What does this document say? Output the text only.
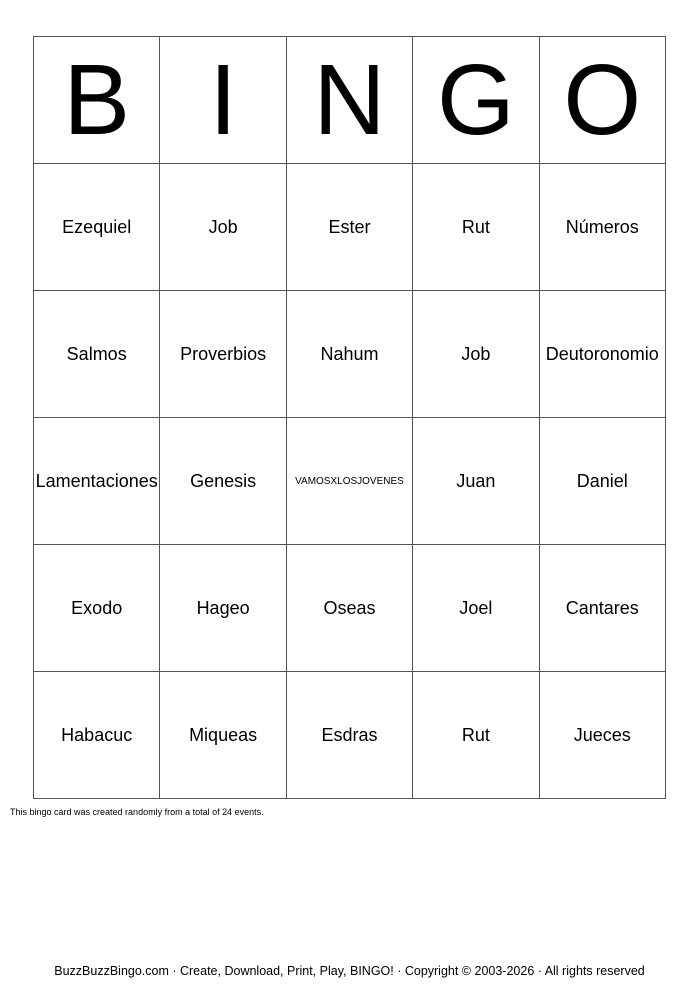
B	I	N	G	O
Ezequiel	Job	Ester	Rut	Números
Salmos	Proverbios	Nahum	Job	Deutoronomio
Lamentaciones	Genesis	VAMOSXLOSJOVENES	Juan	Daniel
Exodo	Hageo	Oseas	Joel	Cantares
Habacuc	Miqueas	Esdras	Rut	Jueces
This bingo card was created randomly from a total of 24 events.
BuzzBuzzBingo.com · Create, Download, Print, Play, BINGO! · Copyright © 2003-2026 · All rights reserved
